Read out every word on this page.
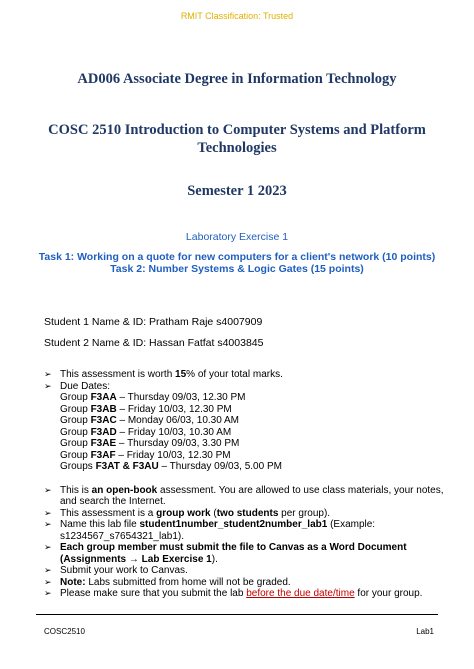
RMIT Classification: Trusted
AD006 Associate Degree in Information Technology
COSC 2510 Introduction to Computer Systems and Platform
Technologies
Semester 1 2023
Laboratory Exercise 1
Task 1: Working on a quote for new computers for a client's network (10 points)
Task 2: Number Systems & Logic Gates (15 points)
Student 1 Name & ID: Pratham Raje s4007909
Student 2 Name & ID: Hassan Fatfat s4003845
➢ This assessment is worth 15% of your total marks.
➢ Due Dates:
Group F3AA – Thursday 09/03, 12.30 PM
Group F3AB – Friday 10/03, 12.30 PM
Group F3AC – Monday 06/03, 10.30 AM
Group F3AD – Friday 10/03, 10.30 AM
Group F3AE – Thursday 09/03, 3.30 PM
Group F3AF – Friday 10/03, 12.30 PM
Groups F3AT & F3AU – Thursday 09/03, 5.00 PM
➢ This is an open-book assessment. You are allowed to use class materials, your notes, and search the Internet.
➢ This assessment is a group work (two students per group).
➢ Name this lab file student1number_student2number_lab1 (Example: s1234567_s7654321_lab1).
➢ Each group member must submit the file to Canvas as a Word Document (Assignments → Lab Exercise 1).
➢ Submit your work to Canvas.
➢ Note: Labs submitted from home will not be graded.
➢ Please make sure that you submit the lab before the due date/time for your group.
COSC2510	Lab1
